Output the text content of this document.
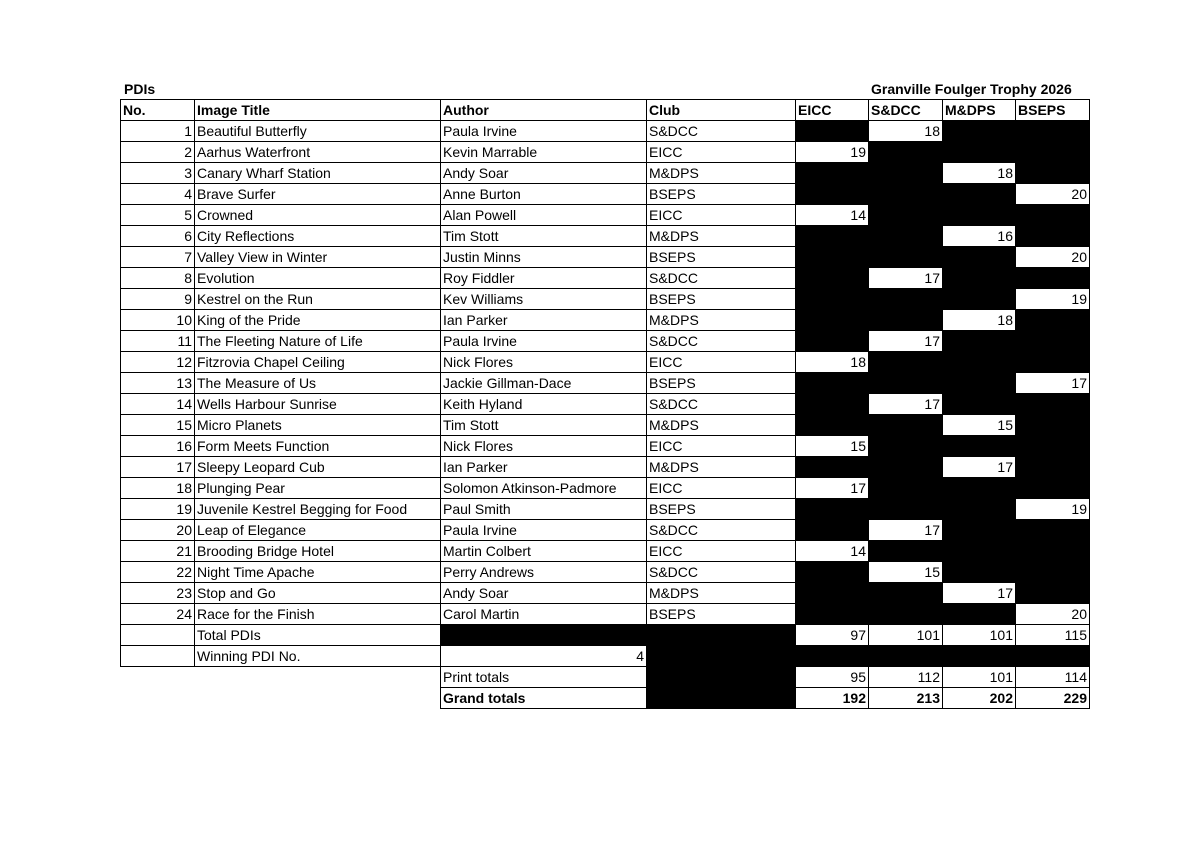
PDIs	Granville Foulger Trophy 2026
No.	Image Title	Author	Club	EICC	S&DCC	M&DPS	BSEPS
1	Beautiful Butterfly	Paula Irvine	S&DCC		18		
2	Aarhus Waterfront	Kevin Marrable	EICC	19			
3	Canary Wharf Station	Andy Soar	M&DPS			18	
4	Brave Surfer	Anne Burton	BSEPS				20
5	Crowned	Alan Powell	EICC	14			
6	City Reflections	Tim Stott	M&DPS			16	
7	Valley View in Winter	Justin Minns	BSEPS				20
8	Evolution	Roy Fiddler	S&DCC		17		
9	Kestrel on the Run	Kev Williams	BSEPS				19
10	King of the Pride	Ian Parker	M&DPS			18	
11	The Fleeting Nature of Life	Paula Irvine	S&DCC		17		
12	Fitzrovia Chapel Ceiling	Nick Flores	EICC	18			
13	The Measure of Us	Jackie Gillman-Dace	BSEPS				17
14	Wells Harbour Sunrise	Keith Hyland	S&DCC		17		
15	Micro Planets	Tim Stott	M&DPS			15	
16	Form Meets Function	Nick Flores	EICC	15			
17	Sleepy Leopard Cub	Ian Parker	M&DPS			17	
18	Plunging Pear	Solomon Atkinson-Padmore	EICC	17			
19	Juvenile Kestrel Begging for Food	Paul Smith	BSEPS				19
20	Leap of Elegance	Paula Irvine	S&DCC		17		
21	Brooding Bridge Hotel	Martin Colbert	EICC	14			
22	Night Time Apache	Perry Andrews	S&DCC		15		
23	Stop and Go	Andy Soar	M&DPS			17	
24	Race for the Finish	Carol Martin	BSEPS				20
	Total PDIs			97	101	101	115
	Winning PDI No.	4					
		Print totals		95	112	101	114
		Grand totals		192	213	202	229
